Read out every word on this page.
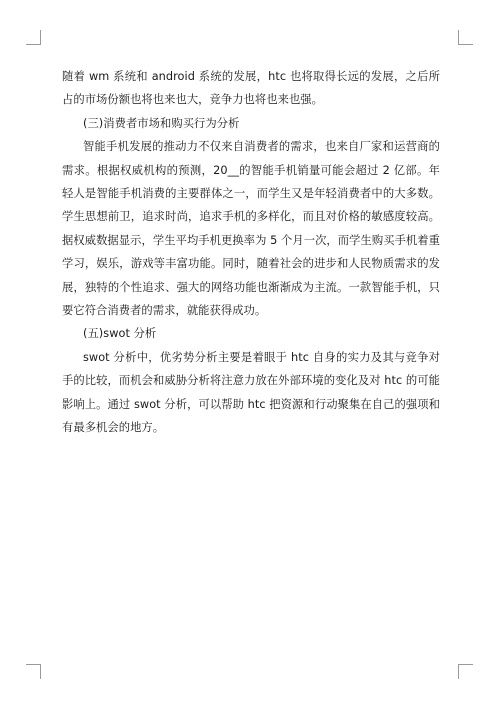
随着 wm 系统和 android 系统的发展，htc 也将取得长远的发展，之后所占的市场份额也将也来也大，竞争力也将也来也强。

(三)消费者市场和购买行为分析

智能手机发展的推动力不仅来自消费者的需求，也来自厂家和运营商的需求。根据权威机构的预测，20__的智能手机销量可能会超过 2 亿部。年轻人是智能手机消费的主要群体之一，而学生又是年轻消费者中的大多数。学生思想前卫，追求时尚，追求手机的多样化，而且对价格的敏感度较高。据权威数据显示，学生平均手机更换率为 5 个月一次，而学生购买手机着重学习，娱乐，游戏等丰富功能。同时，随着社会的进步和人民物质需求的发展，独特的个性追求、强大的网络功能也渐渐成为主流。一款智能手机，只要它符合消费者的需求，就能获得成功。

(五)swot 分析

swot 分析中，优劣势分析主要是着眼于 htc 自身的实力及其与竞争对手的比较，而机会和威胁分析将注意力放在外部环境的变化及对 htc 的可能影响上。通过 swot 分析，可以帮助 htc 把资源和行动聚集在自己的强项和有最多机会的地方。
